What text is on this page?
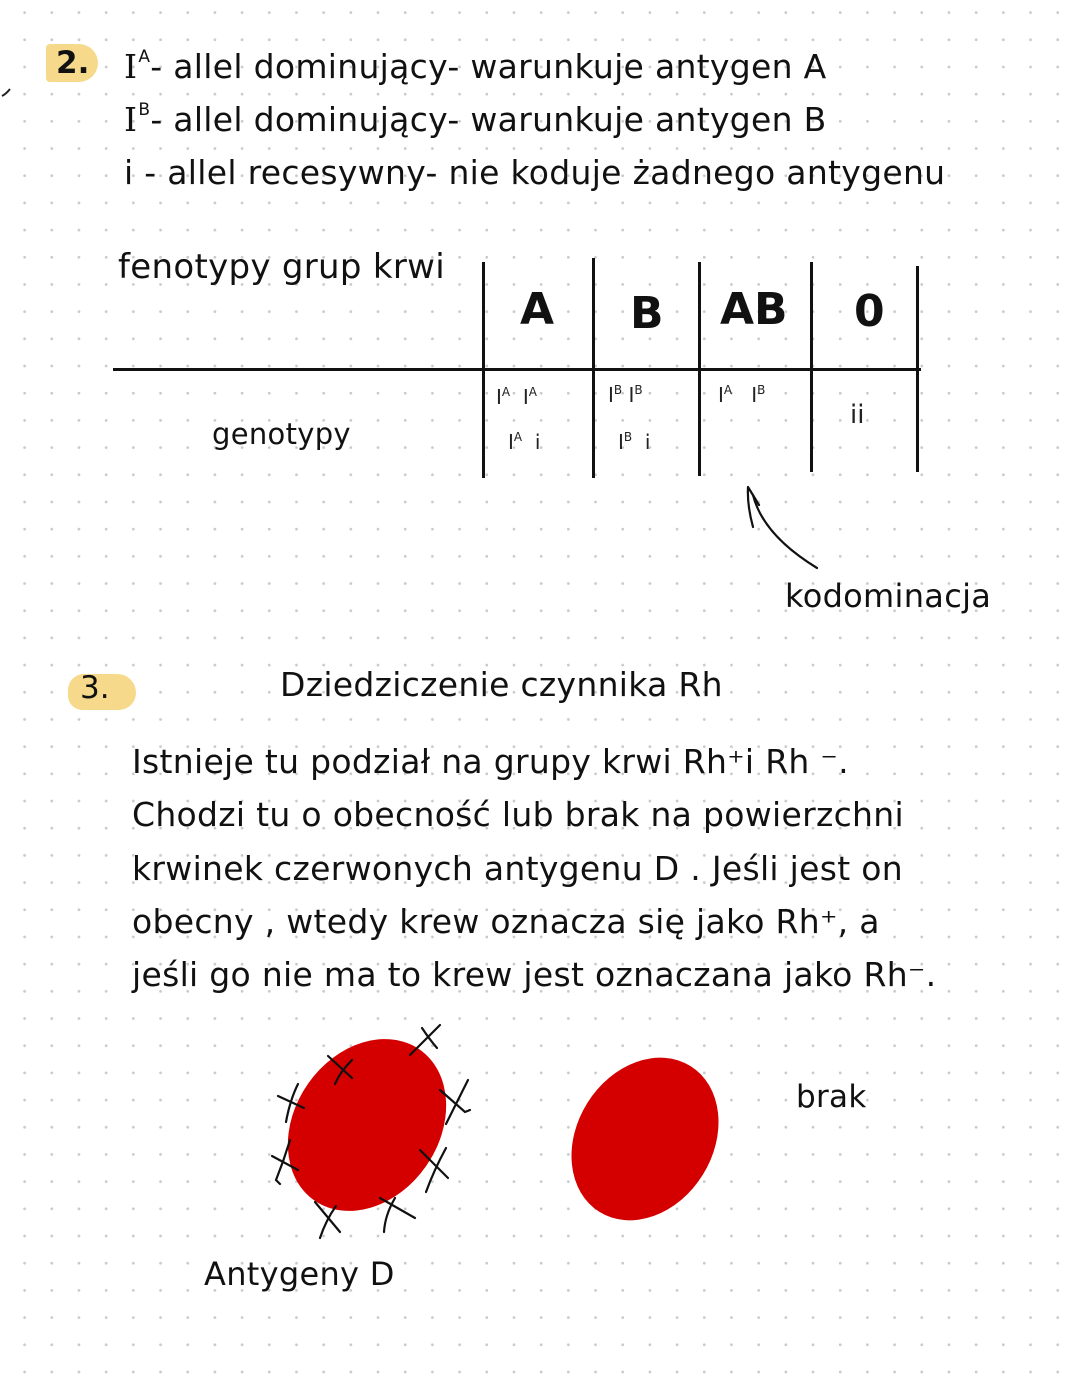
2. $I^A-$ allel dominujący- warunkuje antygen A
$I^B-$ allel dominujący- warunkuje antygen B
i - allel recesywny- nie koduje żadnego antygenu
fenotypy grup krwi
genotypy
A B AB 0
$I^A$ $I^A$
$I^A$ i
$I^B$ $I^B$
$I^B$ i
$I^A$ $I^B$
ii
kodominacja
3.	Dziedziczenie czynnika Rh
Istnieje tu podział na grupy krwi Rh⁺i Rh ⁻.
Chodzi tu o obecność lub brak na powierzchni
krwinek czerwonych antygenu D . Jeśli jest on
obecny , wtedy krew oznacza się jako Rh⁺, a
jeśli go nie ma to krew jest oznaczana jako Rh⁻.
Antygeny D
brak
